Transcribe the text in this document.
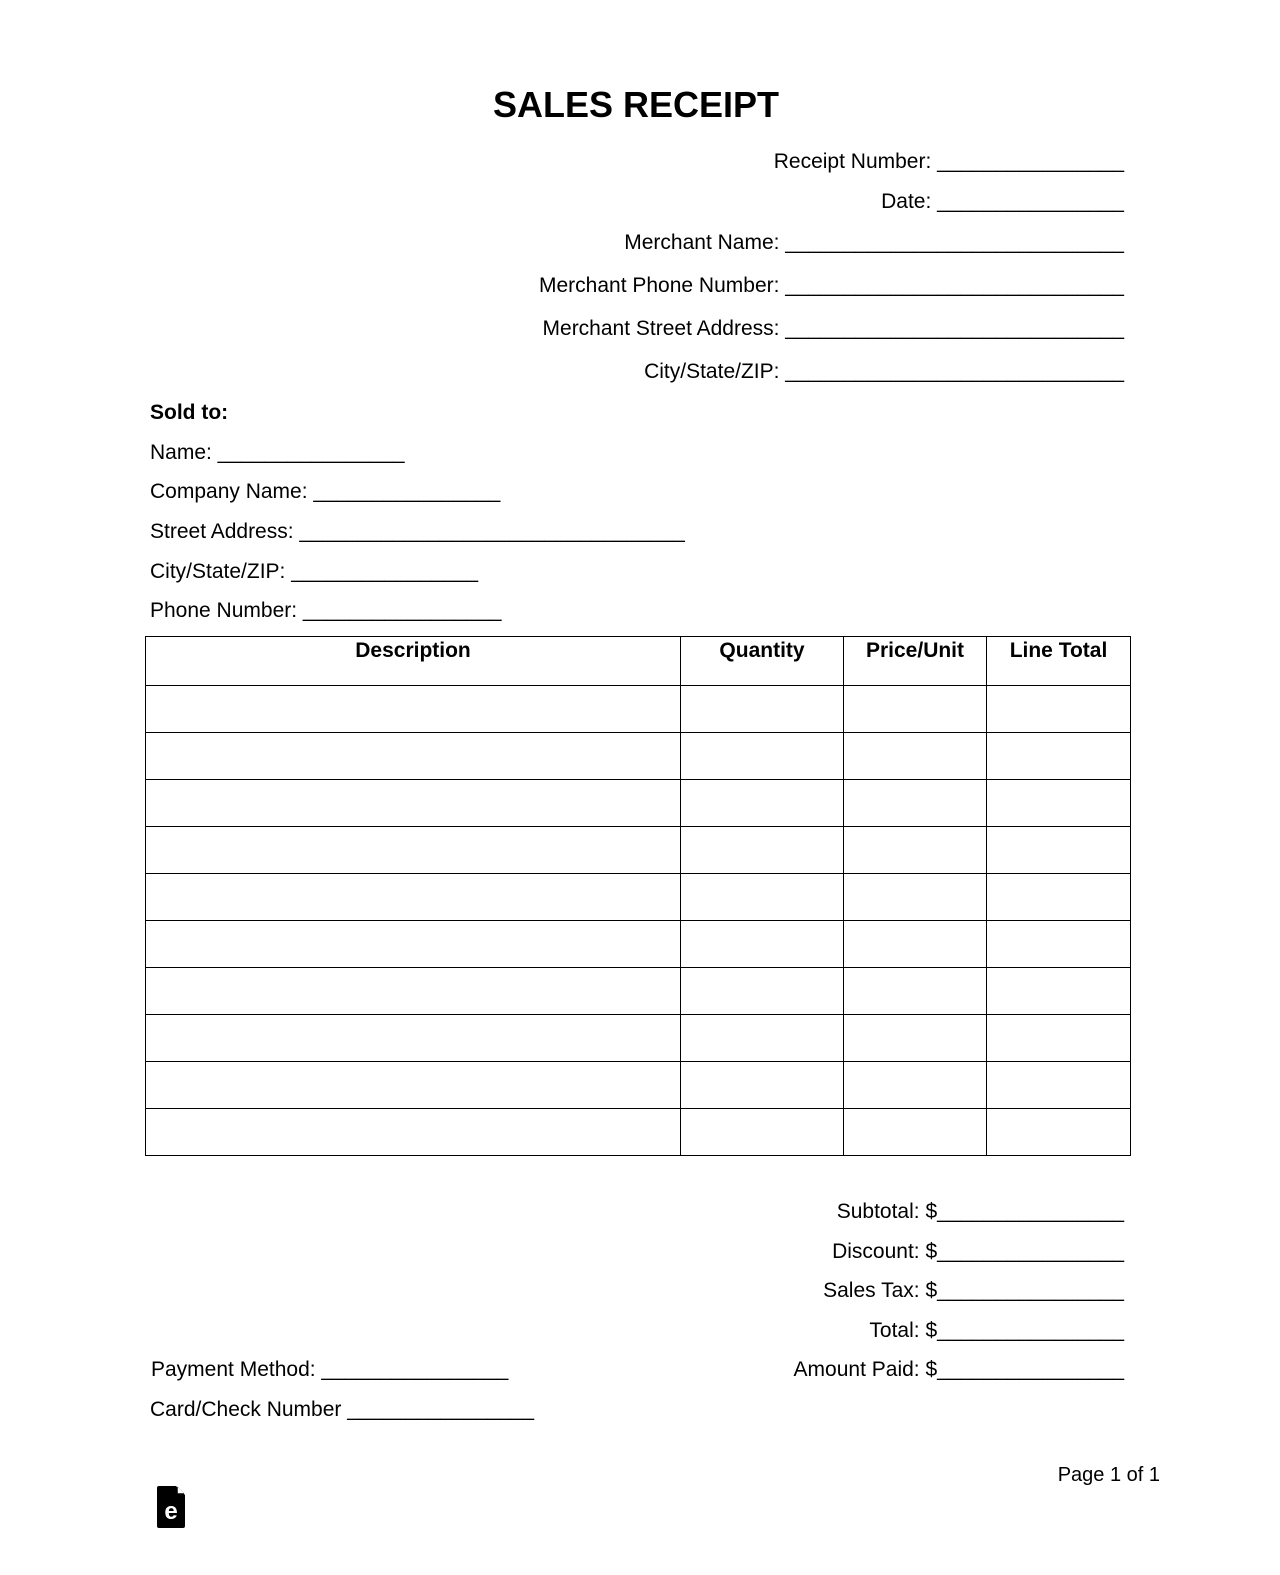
SALES RECEIPT
Receipt Number: ________________
Date: ________________
Merchant Name: _____________________________
Merchant Phone Number: _____________________________
Merchant Street Address: _____________________________
City/State/ZIP: _____________________________
Sold to:
Name: ________________
Company Name: ________________
Street Address: _________________________________
City/State/ZIP: ________________
Phone Number: _________________
Description	Quantity	Price/Unit	Line Total

Subtotal: $________________
Discount: $________________
Sales Tax: $________________
Total: $________________
Amount Paid: $________________
Payment Method: ________________
Card/Check Number ________________
Page 1 of 1
e
